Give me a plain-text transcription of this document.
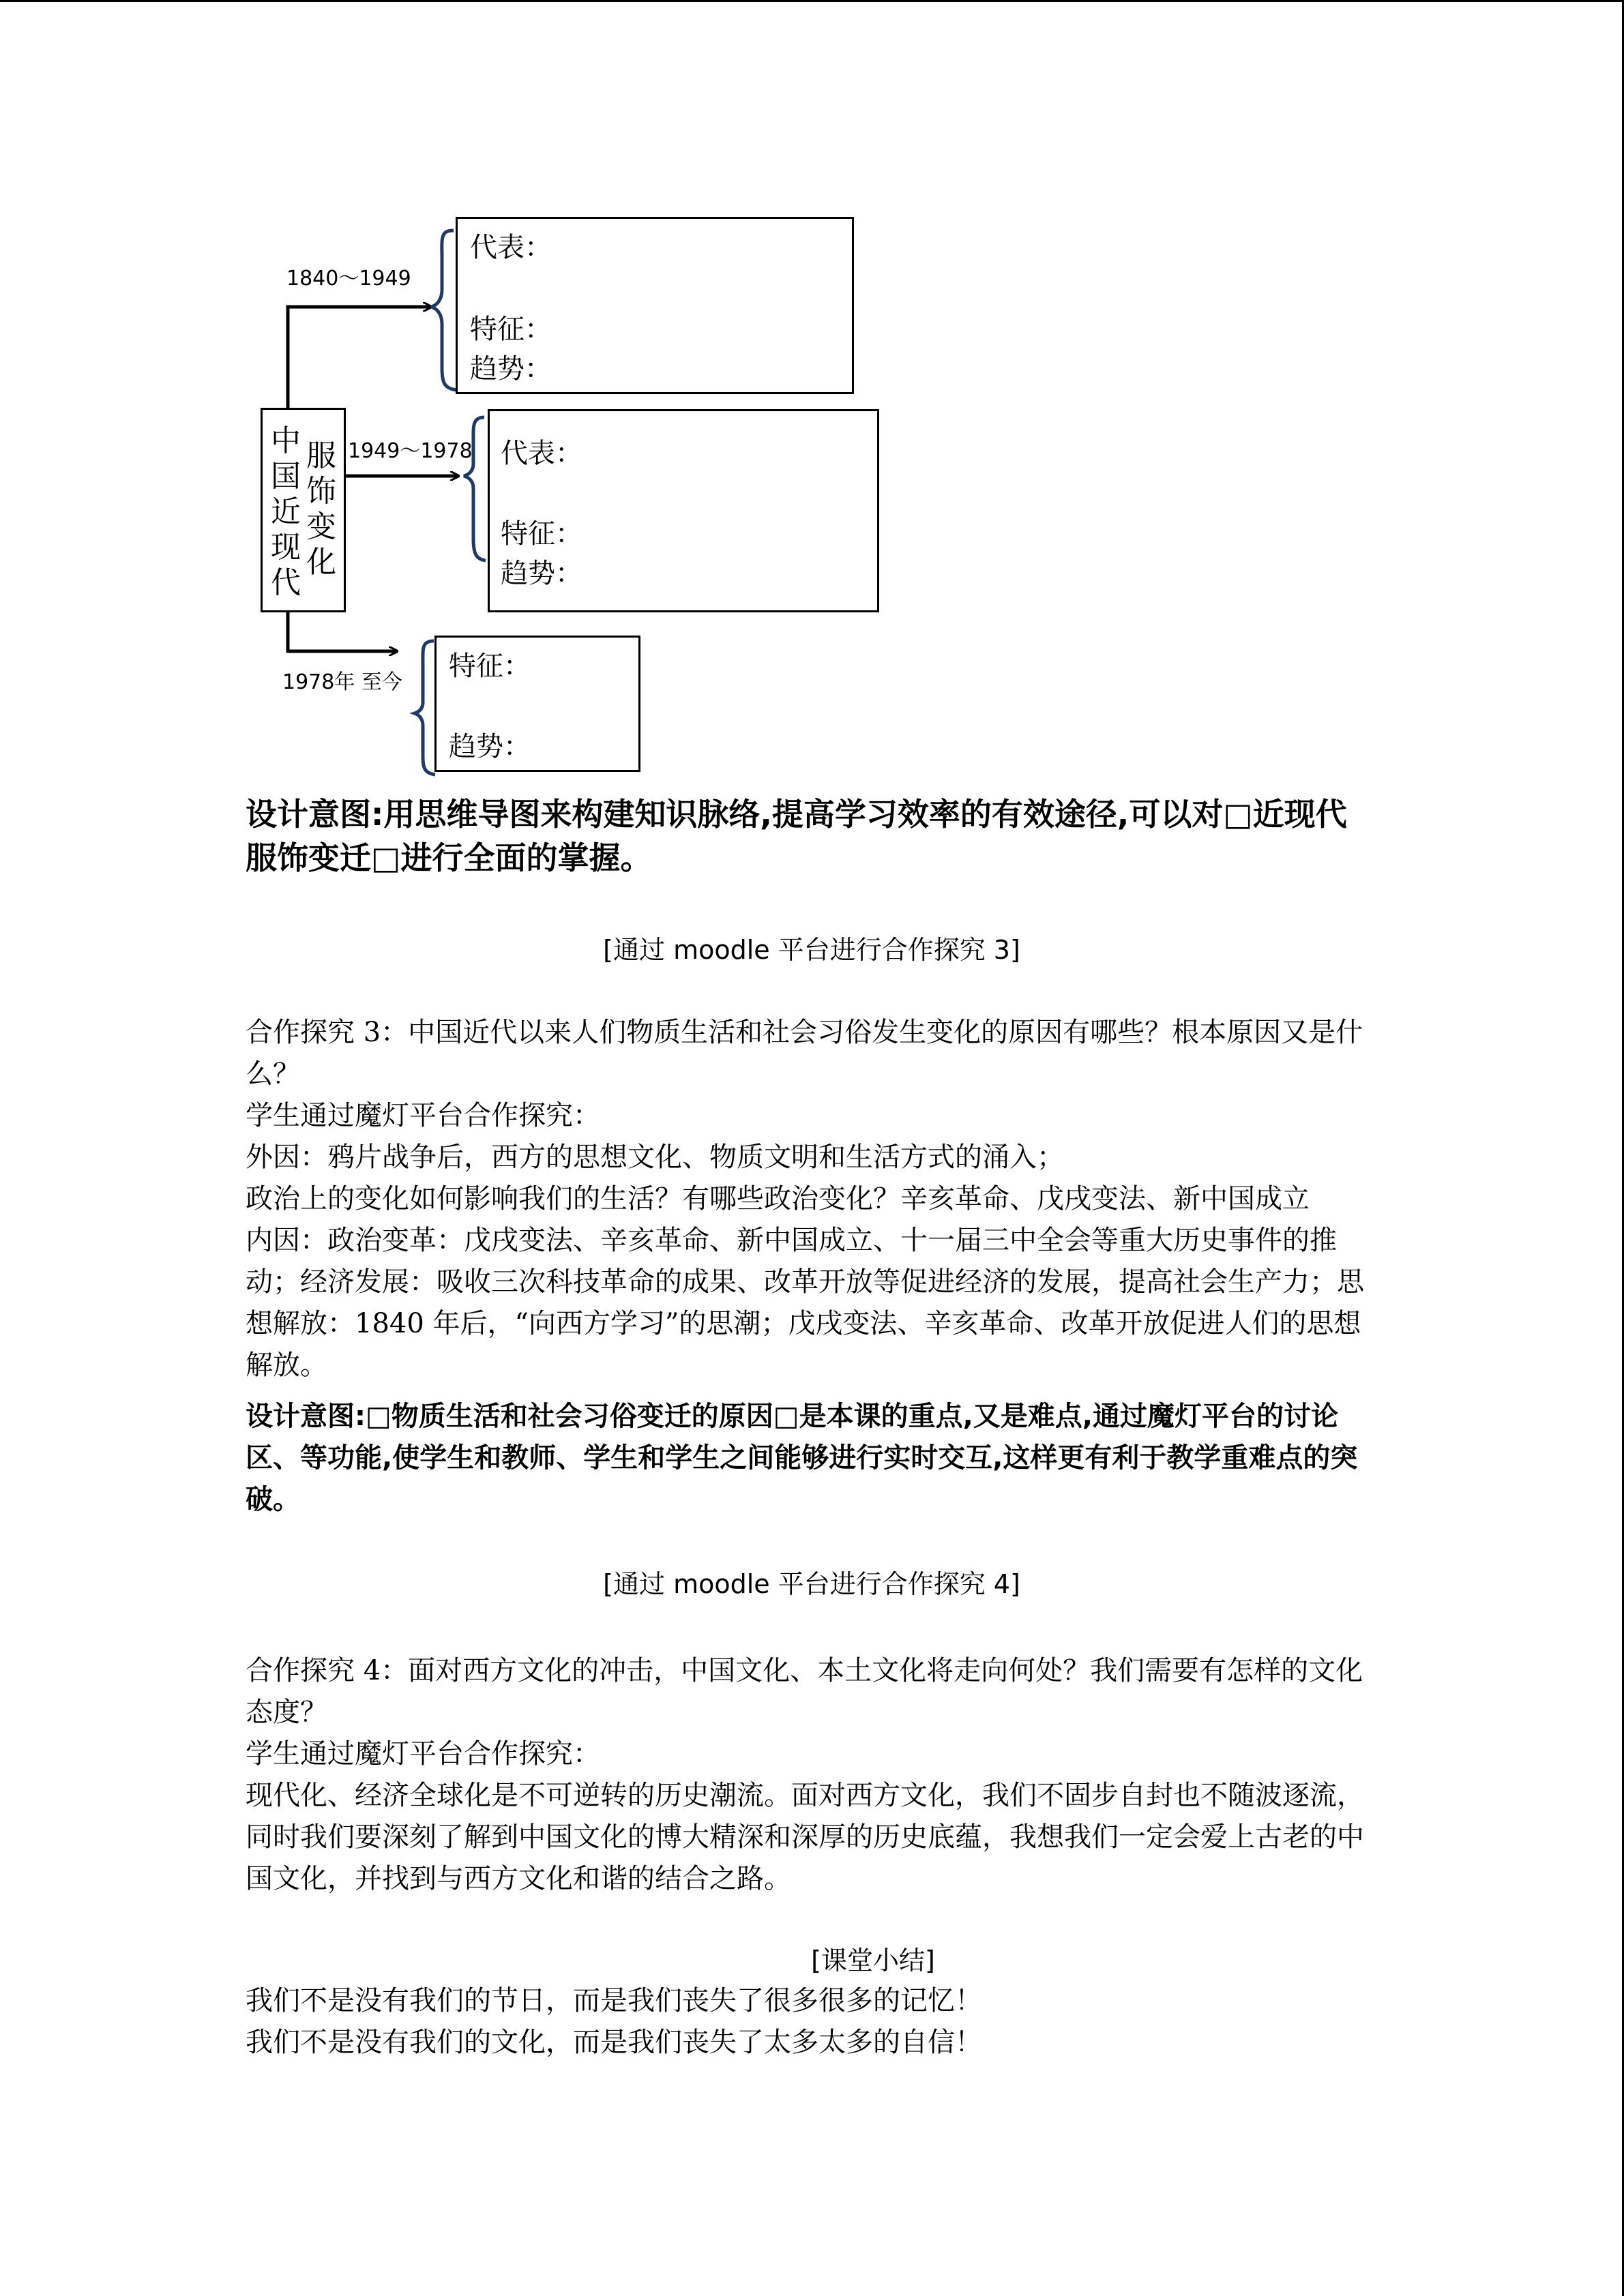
中国近现代
服饰变化
1840～1949
1949～1978
1978年 至今
代表：
特征：
趋势：
代表：
特征：
趋势：
特征：
趋势：
设计意图:用思维导图来构建知识脉络,提高学习效率的有效途径,可以对□近现代服饰变迁□进行全面的掌握。
[通过 moodle 平台进行合作探究 3]
合作探究 3：中国近代以来人们物质生活和社会习俗发生变化的原因有哪些？根本原因又是什么？
学生通过魔灯平台合作探究：
外因：鸦片战争后，西方的思想文化、物质文明和生活方式的涌入；
政治上的变化如何影响我们的生活？有哪些政治变化？辛亥革命、戊戌变法、新中国成立
内因：政治变革：戊戌变法、辛亥革命、新中国成立、十一届三中全会等重大历史事件的推动；经济发展：吸收三次科技革命的成果、改革开放等促进经济的发展，提高社会生产力；思想解放：1840 年后，“向西方学习”的思潮；戊戌变法、辛亥革命、改革开放促进人们的思想解放。
设计意图:□物质生活和社会习俗变迁的原因□是本课的重点,又是难点,通过魔灯平台的讨论区、等功能,使学生和教师、学生和学生之间能够进行实时交互,这样更有利于教学重难点的突破。
[通过 moodle 平台进行合作探究 4]
合作探究 4：面对西方文化的冲击，中国文化、本土文化将走向何处？我们需要有怎样的文化态度？
学生通过魔灯平台合作探究：
现代化、经济全球化是不可逆转的历史潮流。面对西方文化，我们不固步自封也不随波逐流，同时我们要深刻了解到中国文化的博大精深和深厚的历史底蕴，我想我们一定会爱上古老的中国文化，并找到与西方文化和谐的结合之路。
[课堂小结]
我们不是没有我们的节日，而是我们丧失了很多很多的记忆！
我们不是没有我们的文化，而是我们丧失了太多太多的自信！
